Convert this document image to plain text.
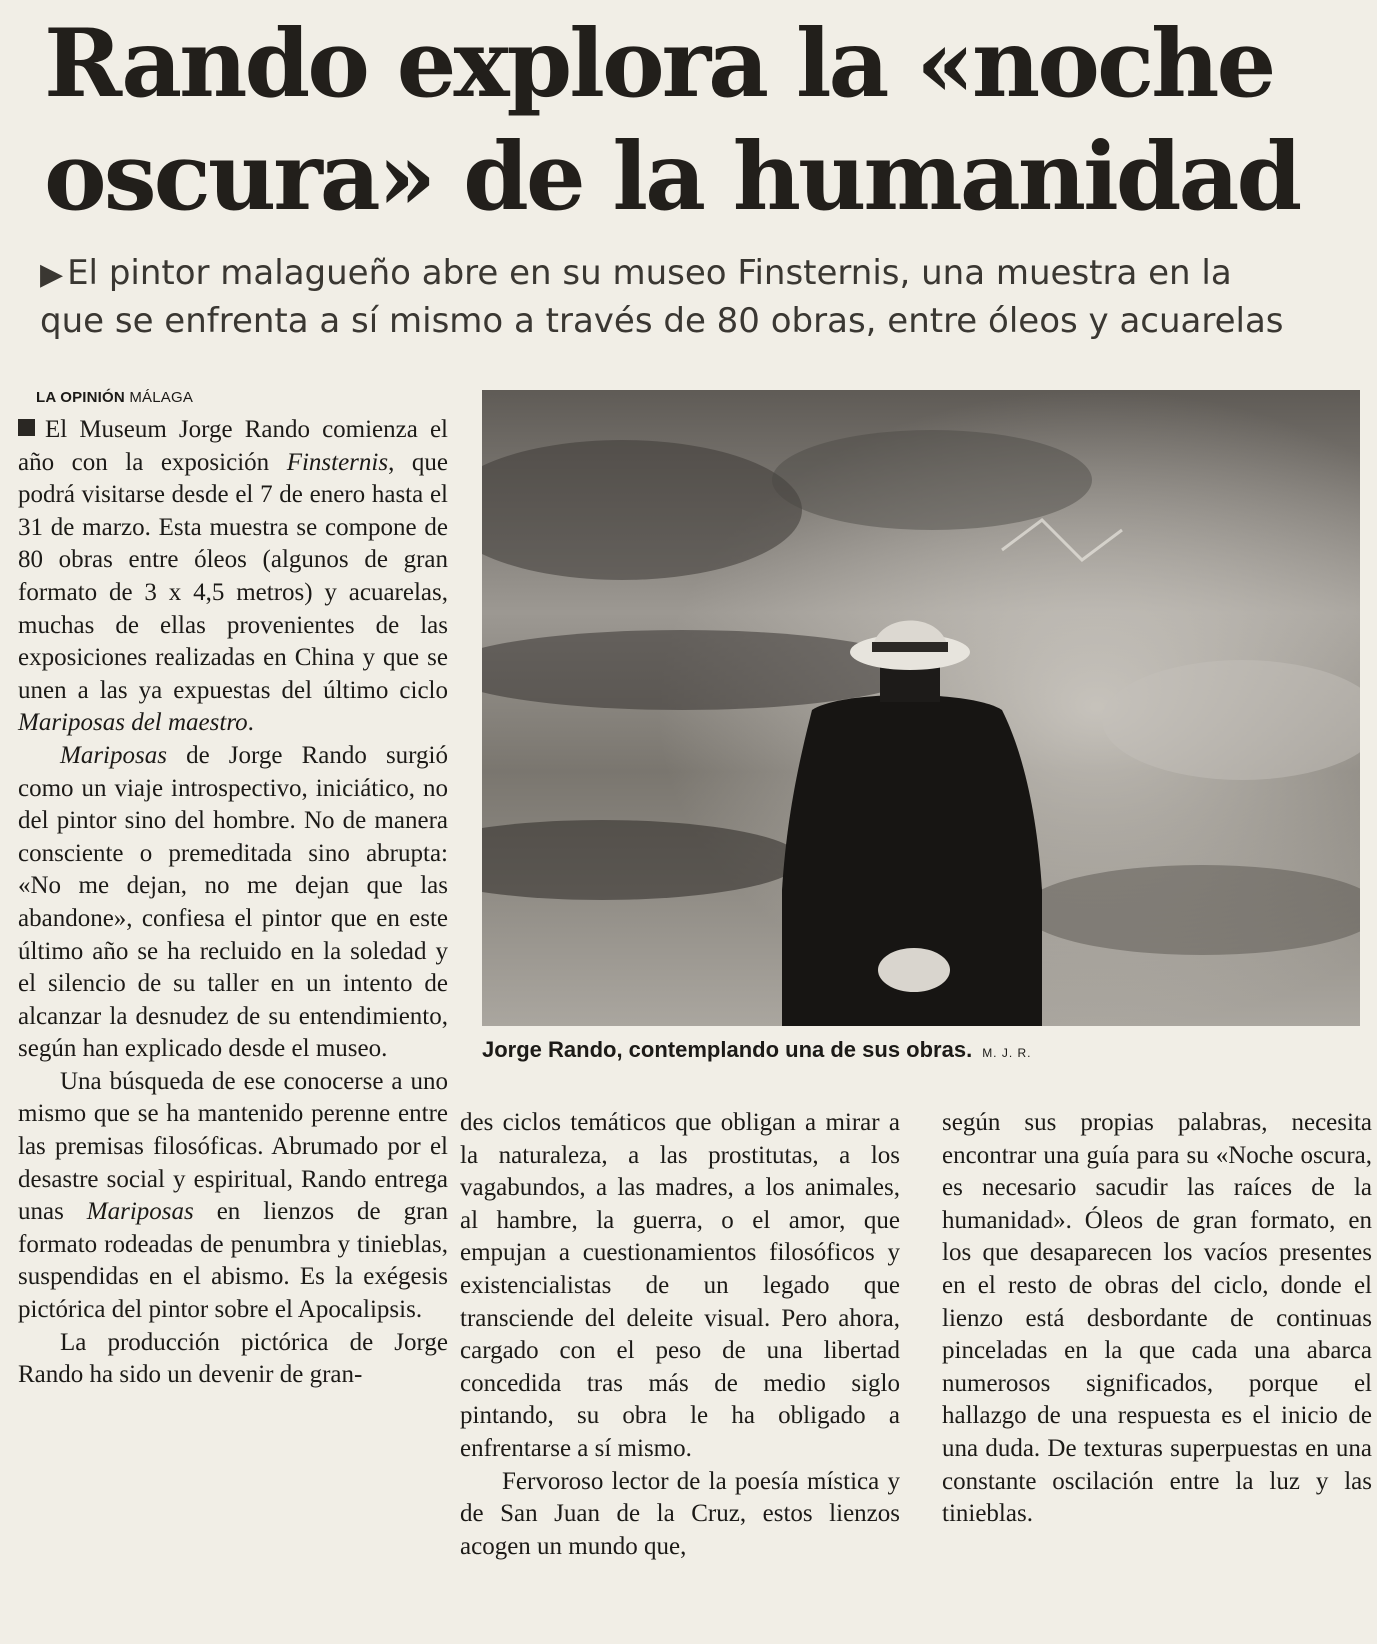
Rando explora la «noche
oscura» de la humanidad
▶ El pintor malagueño abre en su museo Finsternis, una muestra en la
que se enfrenta a sí mismo a través de 80 obras, entre óleos y acuarelas
LA OPINIÓN MÁLAGA

El Museum Jorge Rando comienza el año con la exposición Finsternis, que podrá visitarse desde el 7 de enero hasta el 31 de marzo. Esta muestra se compone de 80 obras entre óleos (algunos de gran formato de 3 x 4,5 metros) y acuarelas, muchas de ellas provenientes de las exposiciones realizadas en China y que se unen a las ya expuestas del último ciclo Mariposas del maestro.

Mariposas de Jorge Rando surgió como un viaje introspectivo, iniciático, no del pintor sino del hombre. No de manera consciente o premeditada sino abrupta: «No me dejan, no me dejan que las abandone», confiesa el pintor que en este último año se ha recluido en la soledad y el silencio de su taller en un intento de alcanzar la desnudez de su entendimiento, según han explicado desde el museo.

Una búsqueda de ese conocerse a uno mismo que se ha mantenido perenne entre las premisas filosóficas. Abrumado por el desastre social y espiritual, Rando entrega unas Mariposas en lienzos de gran formato rodeadas de penumbra y tinieblas, suspendidas en el abismo. Es la exégesis pictórica del pintor sobre el Apocalipsis.

La producción pictórica de Jorge Rando ha sido un devenir de gran-

Jorge Rando, contemplando una de sus obras. M. J. R.

des ciclos temáticos que obligan a mirar a la naturaleza, a las prostitutas, a los vagabundos, a las madres, a los animales, al hambre, la guerra, o el amor, que empujan a cuestionamientos filosóficos y existencialistas de un legado que transciende del deleite visual. Pero ahora, cargado con el peso de una libertad concedida tras más de medio siglo pintando, su obra le ha obligado a enfrentarse a sí mismo.

Fervoroso lector de la poesía mística y de San Juan de la Cruz, estos lienzos acogen un mundo que,

según sus propias palabras, necesita encontrar una guía para su «Noche oscura, es necesario sacudir las raíces de la humanidad». Óleos de gran formato, en los que desaparecen los vacíos presentes en el resto de obras del ciclo, donde el lienzo está desbordante de continuas pinceladas en la que cada una abarca numerosos significados, porque el hallazgo de una respuesta es el inicio de una duda. De texturas superpuestas en una constante oscilación entre la luz y las tinieblas.
